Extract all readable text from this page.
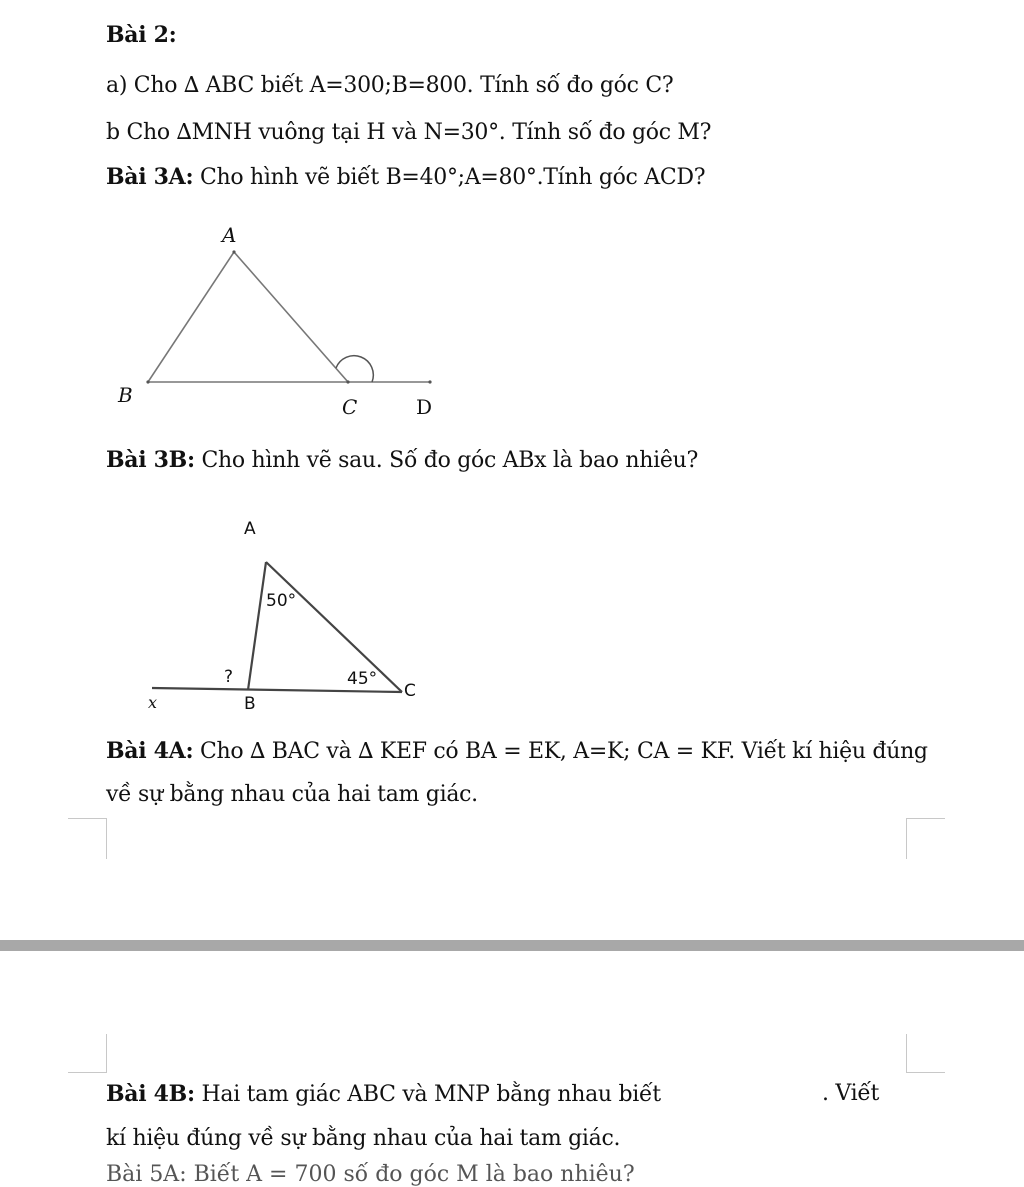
Bài 2:
a) Cho ∆ ABC biết A=300;B=800. Tính số đo góc C?
b Cho ∆MNH vuông tại H và N=30°. Tính số đo góc M?
Bài 3A: Cho hình vẽ biết B=40°;A=80°.Tính góc ACD?
A
B	C	D
Bài 3B: Cho hình vẽ sau. Số đo góc ABx là bao nhiêu?
A
50°
?	45°
C
B
x
Bài 4A: Cho ∆ BAC và ∆ KEF có BA = EK, A=K; CA = KF. Viết kí hiệu đúng
về sự bằng nhau của hai tam giác.
Bài 4B: Hai tam giác ABC và MNP bằng nhau biết	. Viết
kí hiệu đúng về sự bằng nhau của hai tam giác.
Bài 5A: Biết A = 700 số đo góc M là bao nhiêu?
